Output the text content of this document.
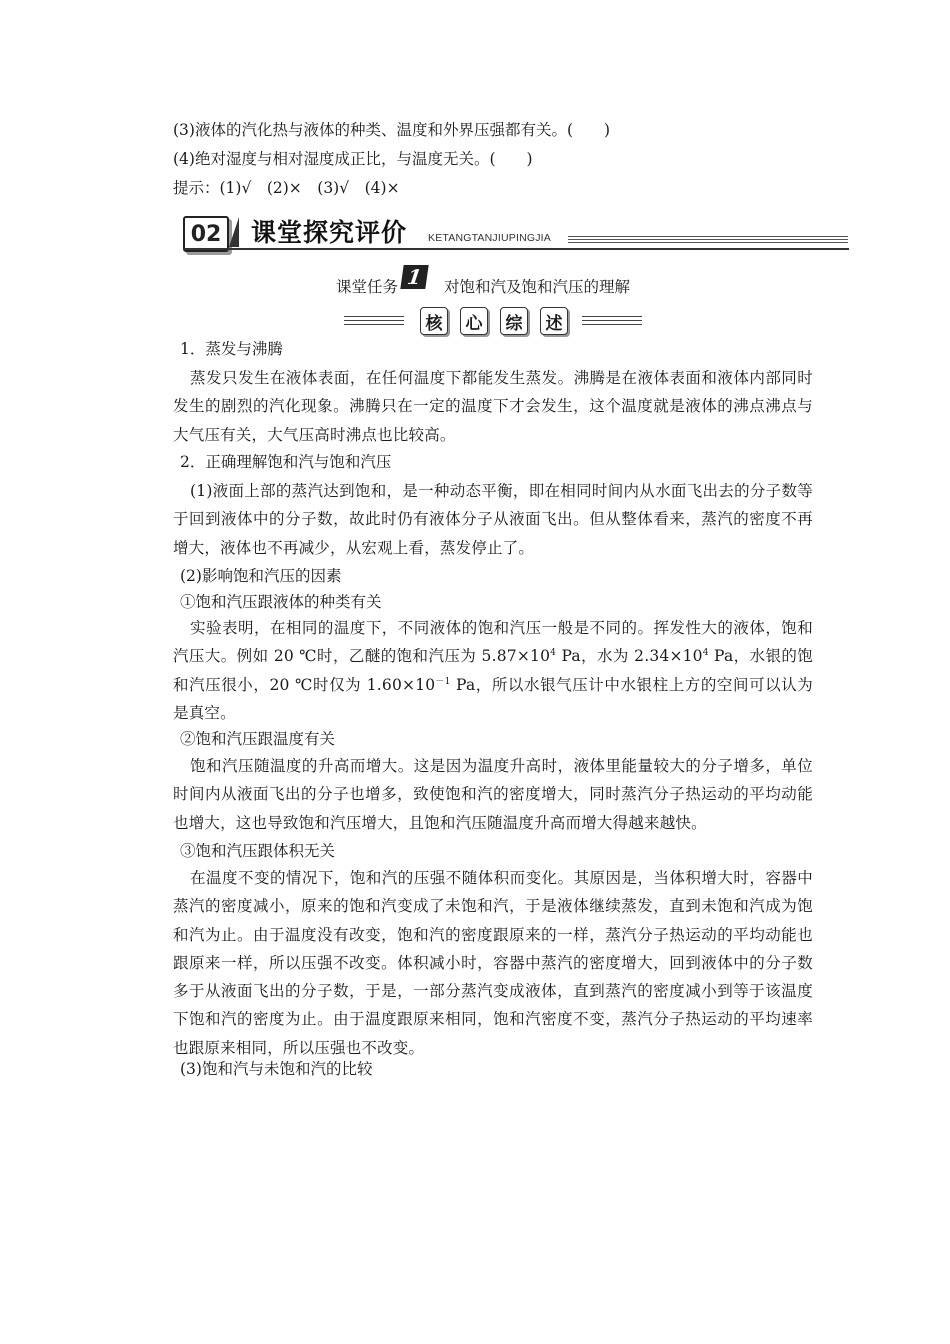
(3)液体的汽化热与液体的种类、温度和外界压强都有关。(　　)
(4)绝对湿度与相对湿度成正比，与温度无关。(　　)
提示：(1)√　(2)×　(3)√　(4)×
02	课堂探究评价 KETANGTANJIUPINGJIA
课堂任务 1	对饱和汽及饱和汽压的理解
核	心	综	述
1．蒸发与沸腾
蒸发只发生在液体表面，在任何温度下都能发生蒸发。沸腾是在液体表面和液体内部同时发生的剧烈的汽化现象。沸腾只在一定的温度下才会发生，这个温度就是液体的沸点沸点与大气压有关，大气压高时沸点也比较高。
2．正确理解饱和汽与饱和汽压
(1)液面上部的蒸汽达到饱和，是一种动态平衡，即在相同时间内从水面飞出去的分子数等于回到液体中的分子数，故此时仍有液体分子从液面飞出。但从整体看来，蒸汽的密度不再增大，液体也不再减少，从宏观上看，蒸发停止了。
(2)影响饱和汽压的因素
①饱和汽压跟液体的种类有关
实验表明，在相同的温度下，不同液体的饱和汽压一般是不同的。挥发性大的液体，饱和汽压大。例如 20 ℃时，乙醚的饱和汽压为 $5.87\times 10^4$ Pa，水为 $2.34\times 10^4$ Pa，水银的饱和汽压很小，20 ℃时仅为 $1.60\times 10^{-1}$ Pa，所以水银气压计中水银柱上方的空间可以认为是真空。
②饱和汽压跟温度有关
饱和汽压随温度的升高而增大。这是因为温度升高时，液体里能量较大的分子增多，单位时间内从液面飞出的分子也增多，致使饱和汽的密度增大，同时蒸汽分子热运动的平均动能也增大，这也导致饱和汽压增大，且饱和汽压随温度升高而增大得越来越快。
③饱和汽压跟体积无关
在温度不变的情况下，饱和汽的压强不随体积而变化。其原因是，当体积增大时，容器中蒸汽的密度减小，原来的饱和汽变成了未饱和汽，于是液体继续蒸发，直到未饱和汽成为饱和汽为止。由于温度没有改变，饱和汽的密度跟原来的一样，蒸汽分子热运动的平均动能也跟原来一样，所以压强不改变。体积减小时，容器中蒸汽的密度增大，回到液体中的分子数多于从液面飞出的分子数，于是，一部分蒸汽变成液体，直到蒸汽的密度减小到等于该温度下饱和汽的密度为止。由于温度跟原来相同，饱和汽密度不变，蒸汽分子热运动的平均速率也跟原来相同，所以压强也不改变。
(3)饱和汽与未饱和汽的比较
